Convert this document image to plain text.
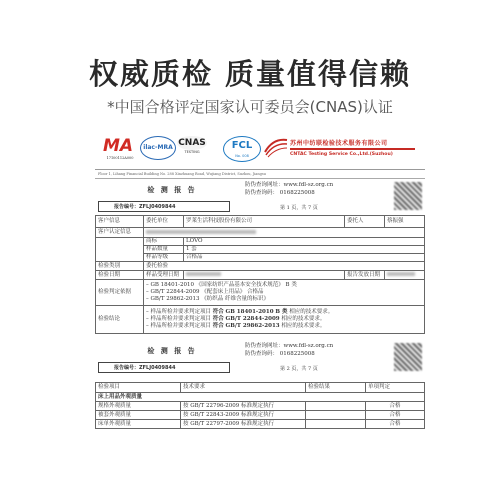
权威质检 质量值得信赖
*中国合格评定国家认可委员会(CNAS)认证
MA
17100112A000
ilac-MRA CNAS
TESTING
FCL
No. 008
苏州中纺联检验技术服务有限公司
CNTAC Testing Service Co.,Ltd.(Suzhou)
Floor 1, Lihang Financial Building No. 288 Xinzhuang Road, Wujiang District, Suzhou, Jiangsu
检 测 报 告
报告编号：ZFLJ0409844
防伪查询网址：www.fdl-sz.org.cn
防伪查询码： 0168225008
第 1 页，共 7 页
客户信息	委托单位	罗莱生活科技股份有限公司	委托人	蔡振强
客户认定信息				
	商标	LOVO		
	样品数量	1 套		
	样品等级	合格品		
检验类别	委托检验			
检验日期	样品受理日期		报告发放日期	
检验判定依据	– GB 18401-2010 《国家纺织产品基本安全技术规范》 B 类
– GB/T 22844-2009 《配套床上用品》 合格品
– GB/T 29862-2013 《纺织品 纤维含量的标识》			

检验结论	– 样品所检并要求判定项目 符合 GB 18401-2010 B 类 相应的技术要求。
– 样品所检并要求判定项目 符合 GB/T 22844-2009 相应的技术要求。
– 样品所检并要求判定项目 符合 GB/T 29862-2013 相应的技术要求。			
检 测 报 告
报告编号：ZFLJ0409844
防伪查询网址：www.fdl-sz.org.cn
防伪查询码： 0168225008
第 2 页，共 7 页
检验项目	技术要求	检验结果	单项判定
床上用品外观质量			
规格外观质量	按 GB/T 22796-2009 标准规定执行		合格
被套外观质量	按 GB/T 22843-2009 标准规定执行		合格
床单外观质量	按 GB/T 22797-2009 标准规定执行		合格
